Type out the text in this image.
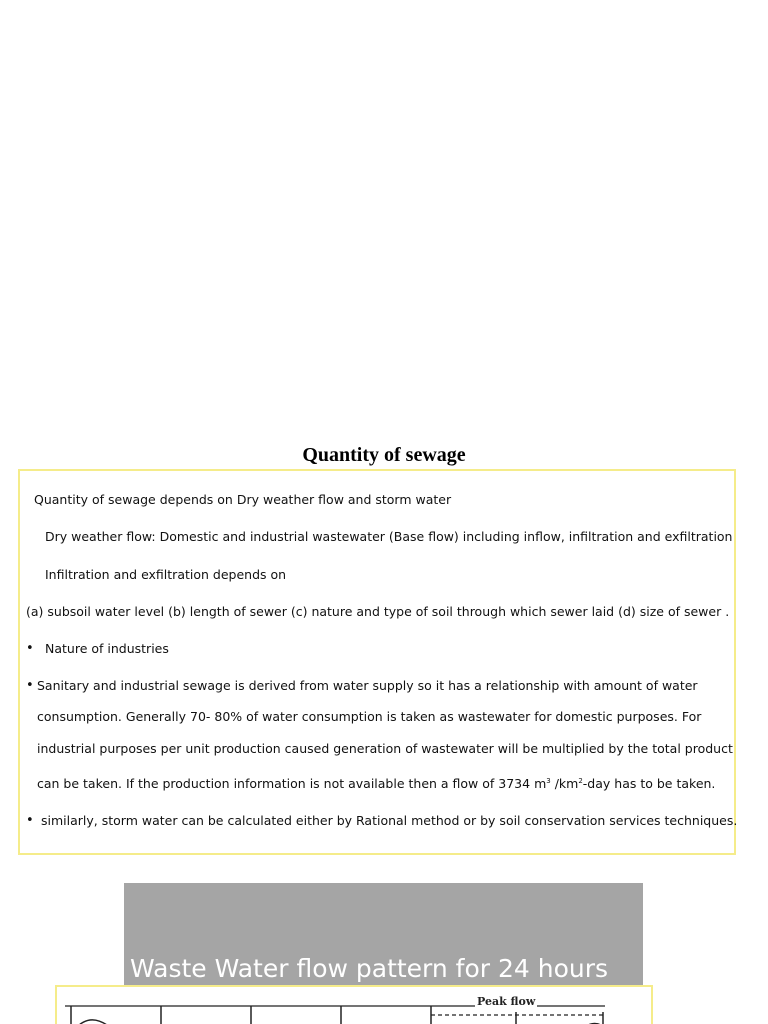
Quantity of sewage
Quantity of sewage depends on Dry weather flow and storm water
Dry weather flow: Domestic and industrial wastewater (Base flow) including inflow, infiltration and exfiltration
Infiltration and exfiltration depends on
(a) subsoil water level (b) length of sewer (c) nature and type of soil through which sewer laid (d) size of sewer .
• Nature of industries
• Sanitary and industrial sewage is derived from water supply so it has a relationship with amount of water
consumption. Generally 70- 80% of water consumption is taken as wastewater for domestic purposes. For
industrial purposes per unit production caused generation of wastewater will be multiplied by the total product
can be taken. If the production information is not available then a flow of 3734 $m^3$ $/km^2$-day has to be taken.
• similarly, storm water can be calculated either by Rational method or by soil conservation services techniques.
Waste Water flow pattern for 24 hours
Peak flow
